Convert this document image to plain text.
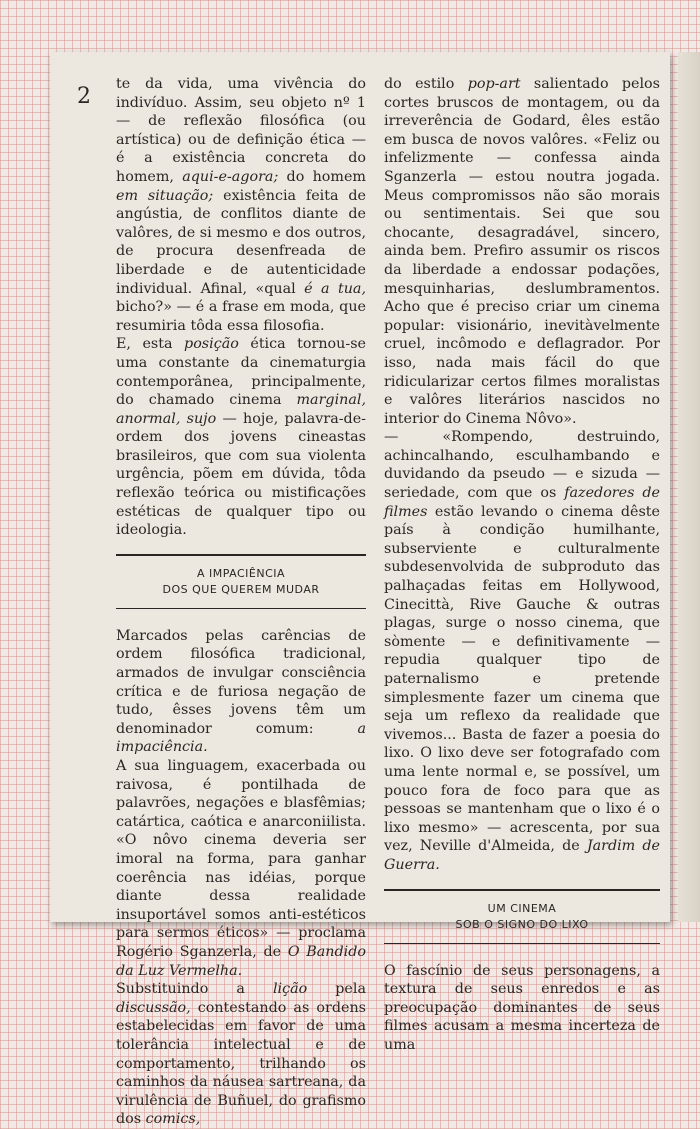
2 te da vida, uma vivência do indivíduo. Assim, seu objeto nº 1 — de reflexão filosófica (ou artística) ou de definição ética — é a existência concreta do homem, aqui-e-agora; do homem em situação; existência feita de angústia, de conflitos diante de valôres, de si mesmo e dos outros, de procura desenfreada de liberdade e de autenticidade individual. Afinal, «qual é a tua, bicho?» — é a frase em moda, que resumiria tôda essa filosofia.

E, esta posição ética tornou-se uma constante da cinematurgia contemporânea, principalmente, do chamado cinema marginal, anormal, sujo — hoje, palavra-de-ordem dos jovens cineastas brasileiros, que com sua violenta urgência, põem em dúvida, tôda reflexão teórica ou mistificações estéticas de qualquer tipo ou ideologia.

A IMPACIÊNCIA
DOS QUE QUEREM MUDAR

Marcados pelas carências de ordem filosófica tradicional, armados de invulgar consciência crítica e de furiosa negação de tudo, êsses jovens têm um denominador comum: a impaciência.

A sua linguagem, exacerbada ou raivosa, é pontilhada de palavrões, negações e blasfêmias; catártica, caótica e anarconiilista. «O nôvo cinema deveria ser imoral na forma, para ganhar coerência nas idéias, porque diante dessa realidade insuportável somos anti-estéticos para sermos éticos» — proclama Rogério Sganzerla, de O Bandido da Luz Vermelha.

Substituindo a lição pela discussão, contestando as ordens estabelecidas em favor de uma tolerância intelectual e de comportamento, trilhando os caminhos da náusea sartreana, da virulência de Buñuel, do grafismo dos comics,

do estilo pop-art salientado pelos cortes bruscos de montagem, ou da irreverência de Godard, êles estão em busca de novos valôres. «Feliz ou infelizmente — confessa ainda Sganzerla — estou noutra jogada. Meus compromissos não são morais ou sentimentais. Sei que sou chocante, desagradável, sincero, ainda bem. Prefiro assumir os riscos da liberdade a endossar podações, mesquinharias, deslumbramentos. Acho que é preciso criar um cinema popular: visionário, inevitàvelmente cruel, incômodo e deflagrador. Por isso, nada mais fácil do que ridicularizar certos filmes moralistas e valôres literários nascidos no interior do Cinema Nôvo».

— «Rompendo, destruindo, achincalhando, esculhambando e duvidando da pseudo — e sizuda — seriedade, com que os fazedores de filmes estão levando o cinema dêste país à condição humilhante, subserviente e culturalmente subdesenvolvida de subproduto das palhaçadas feitas em Hollywood, Cinecittà, Rive Gauche & outras plagas, surge o nosso cinema, que sòmente — e definitivamente — repudia qualquer tipo de paternalismo e pretende simplesmente fazer um cinema que seja um reflexo da realidade que vivemos... Basta de fazer a poesia do lixo. O lixo deve ser fotografado com uma lente normal e, se possível, um pouco fora de foco para que as pessoas se mantenham que o lixo é o lixo mesmo» — acrescenta, por sua vez, Neville d'Almeida, de Jardim de Guerra.

UM CINEMA
SOB O SIGNO DO LIXO

O fascínio de seus personagens, a textura de seus enredos e as preocupação dominantes de seus filmes acusam a mesma incerteza de uma
